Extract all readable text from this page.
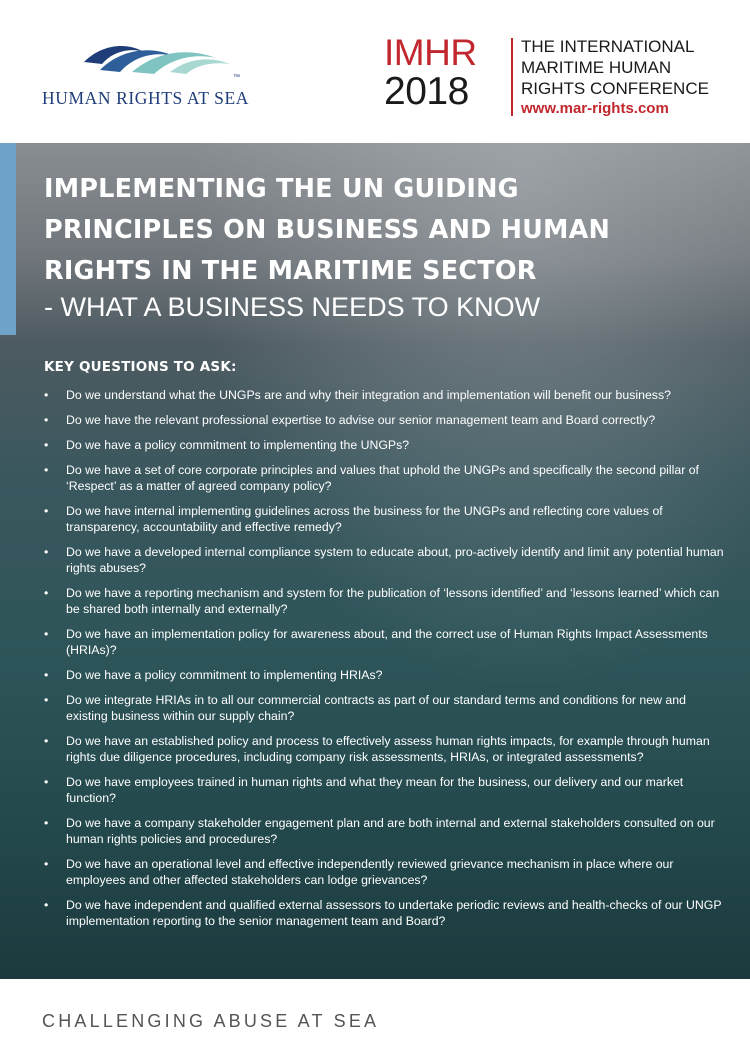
HUMAN RIGHTS AT SEA
™
IMHR
2018
THE INTERNATIONAL
MARITIME HUMAN
RIGHTS CONFERENCE
www.mar-rights.com
IMPLEMENTING THE UN GUIDING
PRINCIPLES ON BUSINESS AND HUMAN
RIGHTS IN THE MARITIME SECTOR
- WHAT A BUSINESS NEEDS TO KNOW
KEY QUESTIONS TO ASK:
• Do we understand what the UNGPs are and why their integration and implementation will benefit our business?
• Do we have the relevant professional expertise to advise our senior management team and Board correctly?
• Do we have a policy commitment to implementing the UNGPs?
• Do we have a set of core corporate principles and values that uphold the UNGPs and specifically the second pillar of ‘Respect’ as a matter of agreed company policy?
• Do we have internal implementing guidelines across the business for the UNGPs and reflecting core values of transparency, accountability and effective remedy?
• Do we have a developed internal compliance system to educate about, pro-actively identify and limit any potential human rights abuses?
• Do we have a reporting mechanism and system for the publication of ‘lessons identified’ and ‘lessons learned’ which can be shared both internally and externally?
• Do we have an implementation policy for awareness about, and the correct use of Human Rights Impact Assessments (HRIAs)?
• Do we have a policy commitment to implementing HRIAs?
• Do we integrate HRIAs in to all our commercial contracts as part of our standard terms and conditions for new and existing business within our supply chain?
• Do we have an established policy and process to effectively assess human rights impacts, for example through human rights due diligence procedures, including company risk assessments, HRIAs, or integrated assessments?
• Do we have employees trained in human rights and what they mean for the business, our delivery and our market function?
• Do we have a company stakeholder engagement plan and are both internal and external stakeholders consulted on our human rights policies and procedures?
• Do we have an operational level and effective independently reviewed grievance mechanism in place where our employees and other affected stakeholders can lodge grievances?
• Do we have independent and qualified external assessors to undertake periodic reviews and health-checks of our UNGP implementation reporting to the senior management team and Board?
CHALLENGING ABUSE AT SEA
